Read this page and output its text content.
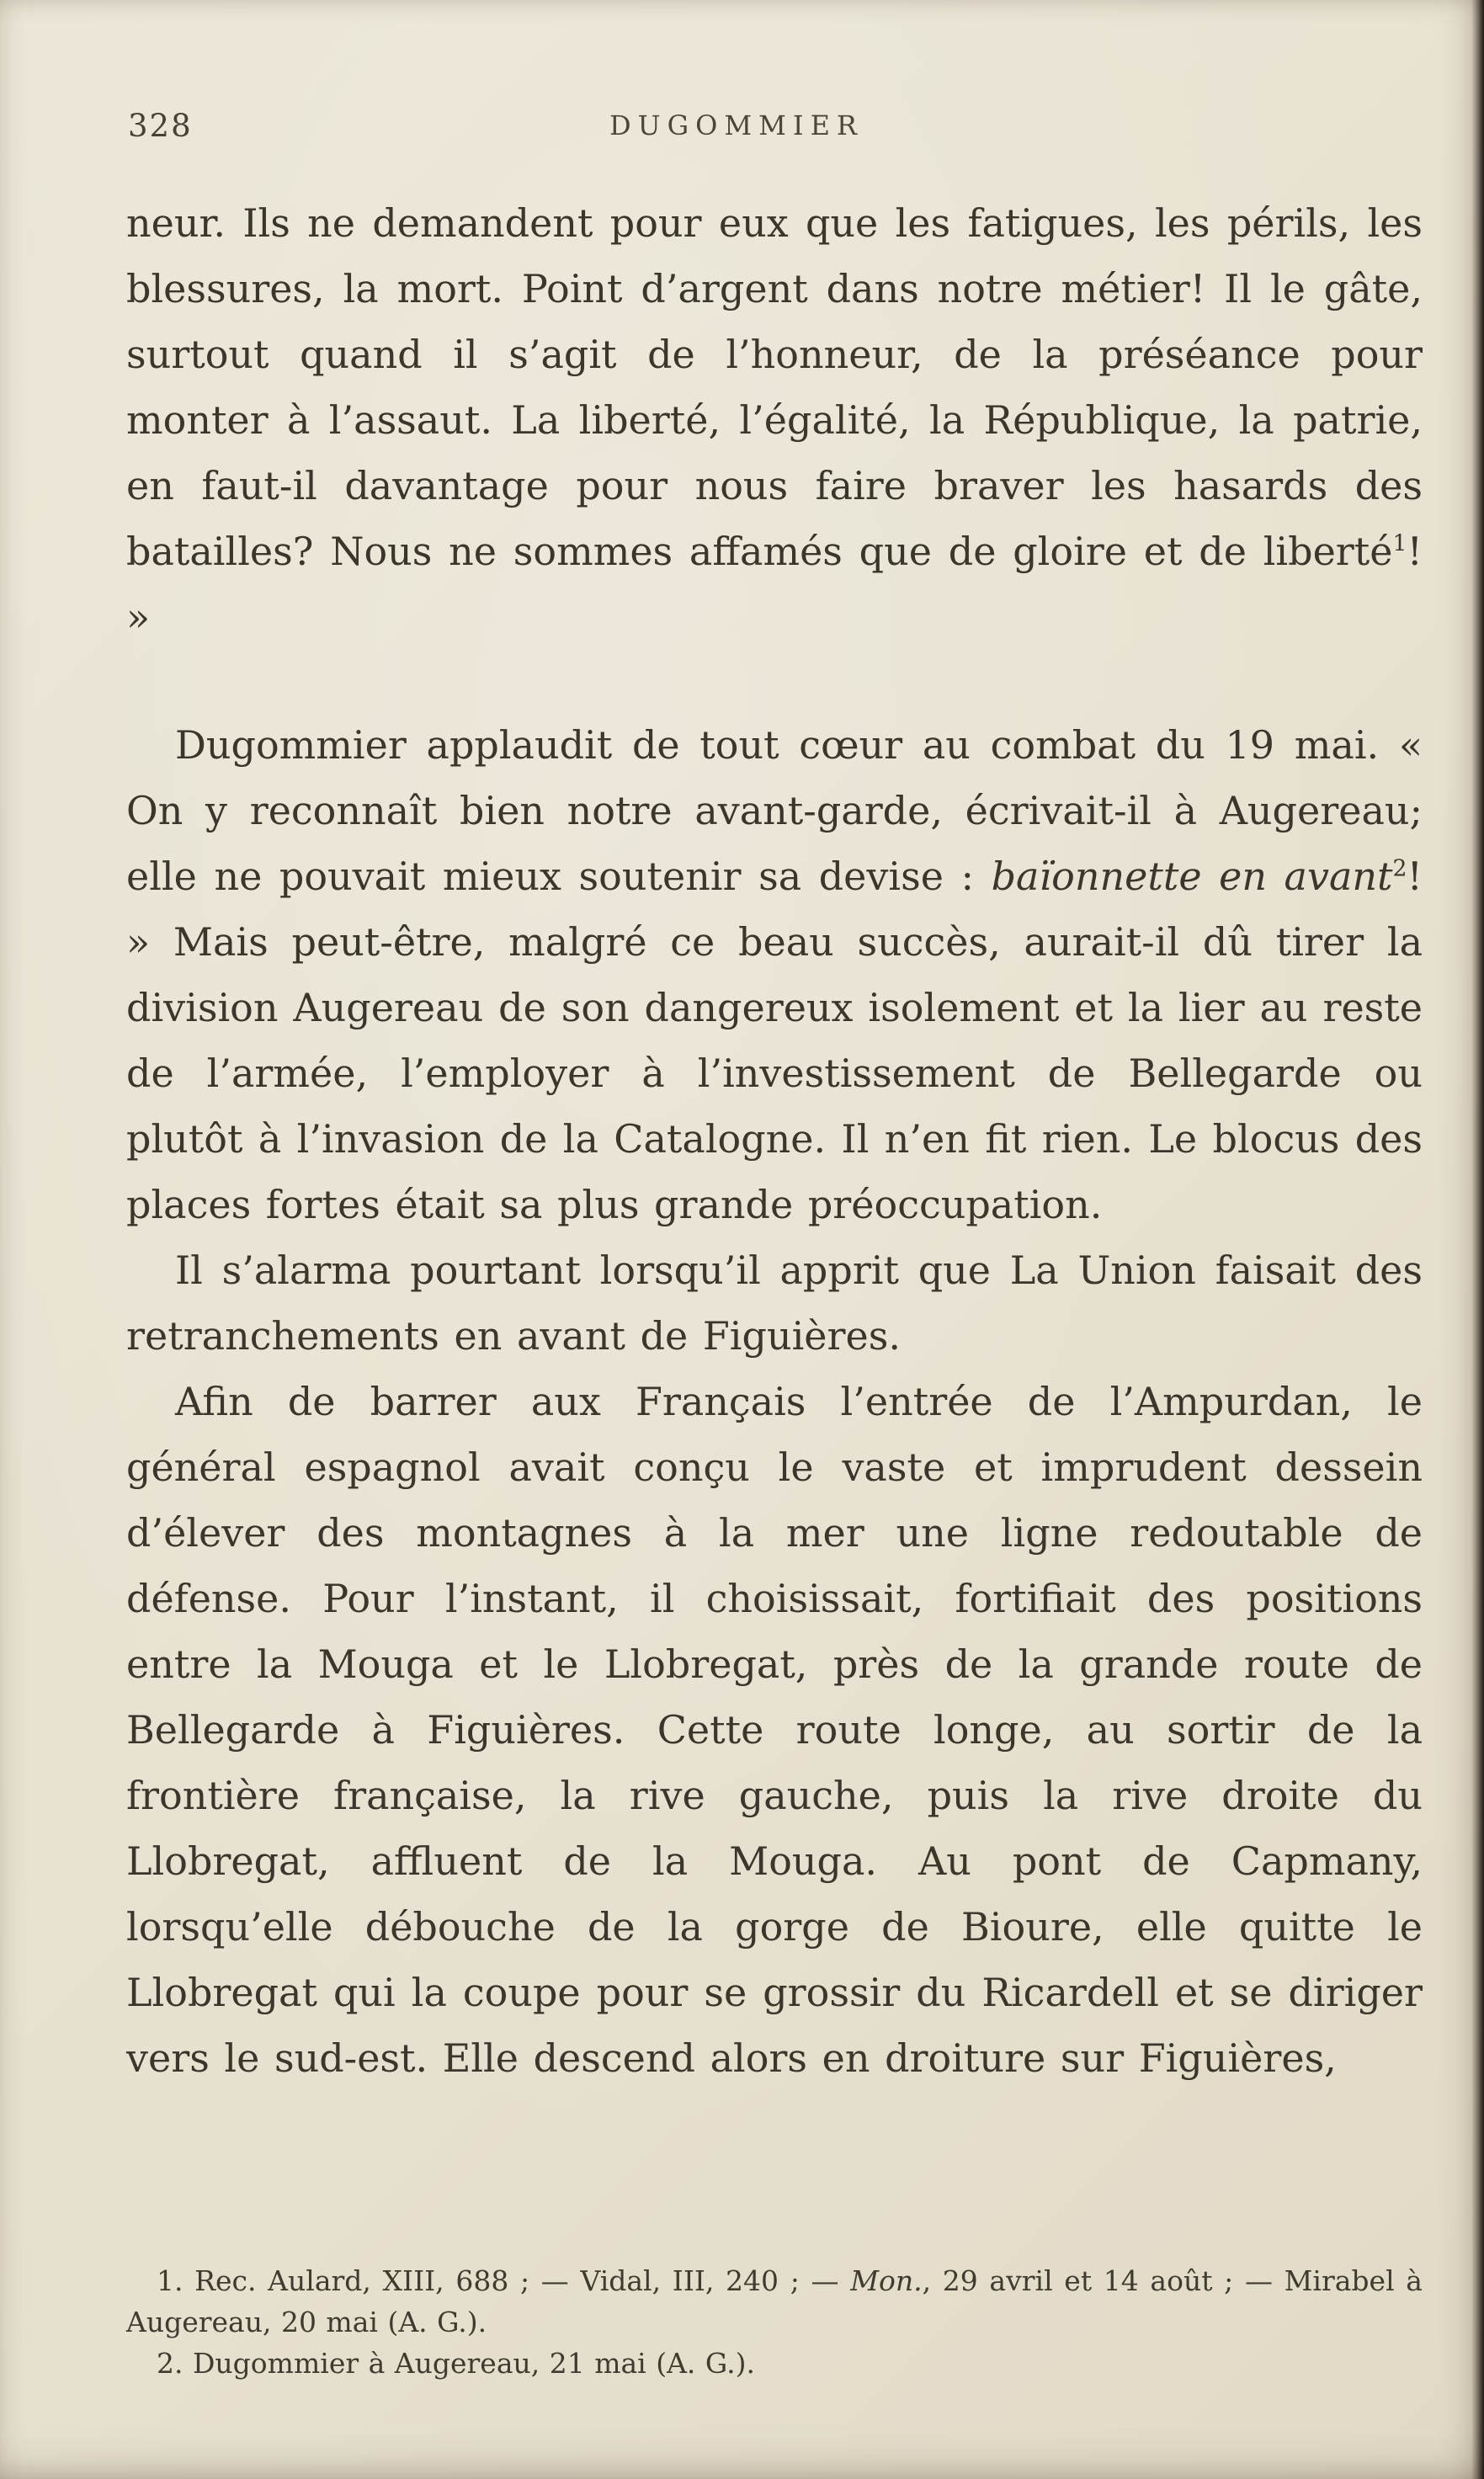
328	DUGOMMIER

neur. Ils ne demandent pour eux que les fatigues, les périls, les blessures, la mort. Point d’argent dans notre métier! Il le gâte, surtout quand il s’agit de l’honneur, de la préséance pour monter à l’assaut. La liberté, l’égalité, la République, la patrie, en faut-il davantage pour nous faire braver les hasards des batailles? Nous ne sommes affamés que de gloire et de liberté$^1$! »

Dugommier applaudit de tout cœur au combat du 19 mai. « On y reconnaît bien notre avant-garde, écrivait-il à Augereau; elle ne pouvait mieux soutenir sa devise : baïonnette en avant$^2$! » Mais peut-être, malgré ce beau succès, aurait-il dû tirer la division Augereau de son dangereux isolement et la lier au reste de l’armée, l’employer à l’investissement de Bellegarde ou plutôt à l’invasion de la Catalogne. Il n’en fit rien. Le blocus des places fortes était sa plus grande préoccupation.

Il s’alarma pourtant lorsqu’il apprit que La Union faisait des retranchements en avant de Figuières.

Afin de barrer aux Français l’entrée de l’Ampurdan, le général espagnol avait conçu le vaste et imprudent dessein d’élever des montagnes à la mer une ligne redoutable de défense. Pour l’instant, il choisissait, fortifiait des positions entre la Mouga et le Llobregat, près de la grande route de Bellegarde à Figuières. Cette route longe, au sortir de la frontière française, la rive gauche, puis la rive droite du Llobregat, affluent de la Mouga. Au pont de Capmany, lorsqu’elle débouche de la gorge de Bioure, elle quitte le Llobregat qui la coupe pour se grossir du Ricardell et se diriger vers le sud-est. Elle descend alors en droiture sur Figuières,

1. Rec. Aulard, XIII, 688 ; — Vidal, III, 240 ; — Mon., 29 avril et 14 août ; — Mirabel à Augereau, 20 mai (A. G.).

2. Dugommier à Augereau, 21 mai (A. G.).
